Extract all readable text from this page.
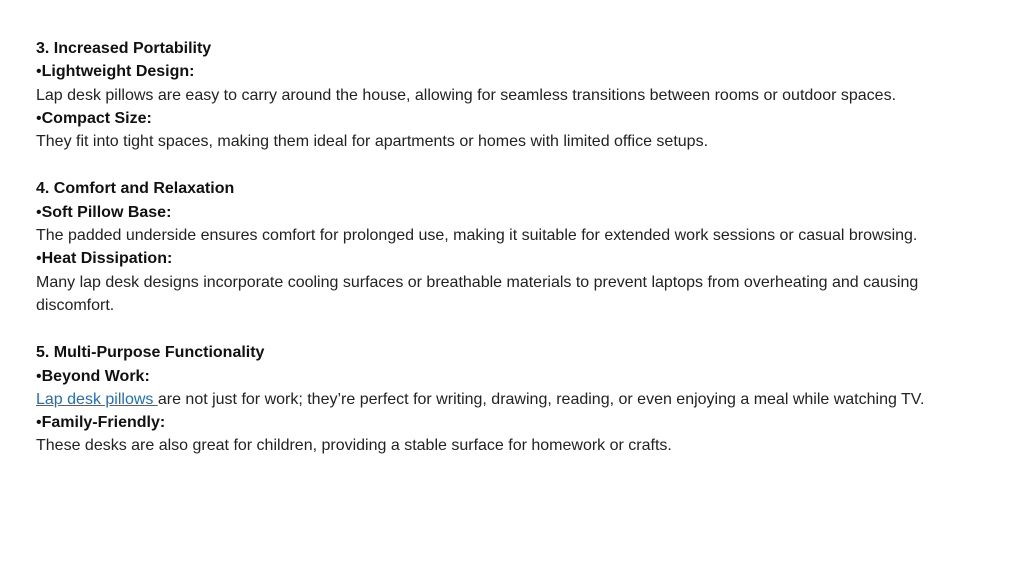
3. Increased Portability
•Lightweight Design:
Lap desk pillows are easy to carry around the house, allowing for seamless transitions between rooms or outdoor spaces.
•Compact Size:
They fit into tight spaces, making them ideal for apartments or homes with limited office setups.
4. Comfort and Relaxation
•Soft Pillow Base:
The padded underside ensures comfort for prolonged use, making it suitable for extended work sessions or casual browsing.
•Heat Dissipation:
Many lap desk designs incorporate cooling surfaces or breathable materials to prevent laptops from overheating and causing discomfort.
5. Multi-Purpose Functionality
•Beyond Work:
Lap desk pillows are not just for work; they’re perfect for writing, drawing, reading, or even enjoying a meal while watching TV.
•Family-Friendly:
These desks are also great for children, providing a stable surface for homework or crafts.
